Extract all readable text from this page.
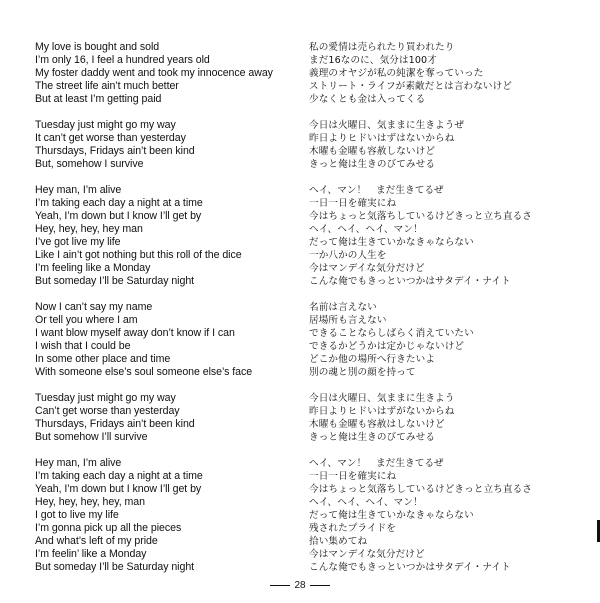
My love is bought and sold
I’m only 16, I feel a hundred years old
My foster daddy went and took my innocence away
The street life ain’t much better
But at least I’m getting paid
Tuesday just might go my way
It can’t get worse than yesterday
Thursdays, Fridays ain’t been kind
But, somehow I survive
Hey man, I’m alive
I’m taking each day a night at a time
Yeah, I’m down but I know I’ll get by
Hey, hey, hey, hey man
I’ve got live my life
Like I ain’t got nothing but this roll of the dice
I’m feeling like a Monday
But someday I’ll be Saturday night
Now I can’t say my name
Or tell you where I am
I want blow myself away don’t know if I can
I wish that I could be
In some other place and time
With someone else’s soul someone else’s face
Tuesday just might go my way
Can’t get worse than yesterday
Thursdays, Fridays ain’t been kind
But somehow I’ll survive
Hey man, I’m alive
I’m taking each day a night at a time
Yeah, I’m down but I know I’ll get by
Hey, hey, hey, hey, man
I got to live my life
I’m gonna pick up all the pieces
And what’s left of my pride
I’m feelin’ like a Monday
But someday I’ll be Saturday night
私の愛情は売られたり買われたり
まだ16なのに、気分は100才
義理のオヤジが私の純潔を奪っていった
ストリート・ライフが素敵だとは言わないけど
少なくとも金は入ってくる
今日は火曜日、気ままに生きようぜ
昨日よりヒドいはずはないからね
木曜も金曜も容赦しないけど
きっと俺は生きのびてみせる
ヘイ、マン！　まだ生きてるぜ
一日一日を確実にね
今はちょっと気落ちしているけどきっと立ち直るさ
ヘイ、ヘイ、ヘイ、マン！
だって俺は生きていかなきゃならない
一か八かの人生を
今はマンデイな気分だけど
こんな俺でもきっといつかはサタデイ・ナイト
名前は言えない
居場所も言えない
できることならしばらく消えていたい
できるかどうかは定かじゃないけど
どこか他の場所へ行きたいよ
別の魂と別の顔を持って
今日は火曜日、気ままに生きよう
昨日よりヒドいはずがないからね
木曜も金曜も容赦はしないけど
きっと俺は生きのびてみせる
ヘイ、マン！　まだ生きてるぜ
一日一日を確実にね
今はちょっと気落ちしているけどきっと立ち直るさ
ヘイ、ヘイ、ヘイ、マン！
だって俺は生きていかなきゃならない
残されたプライドを
拾い集めてね
今はマンデイな気分だけど
こんな俺でもきっといつかはサタデイ・ナイト
28
